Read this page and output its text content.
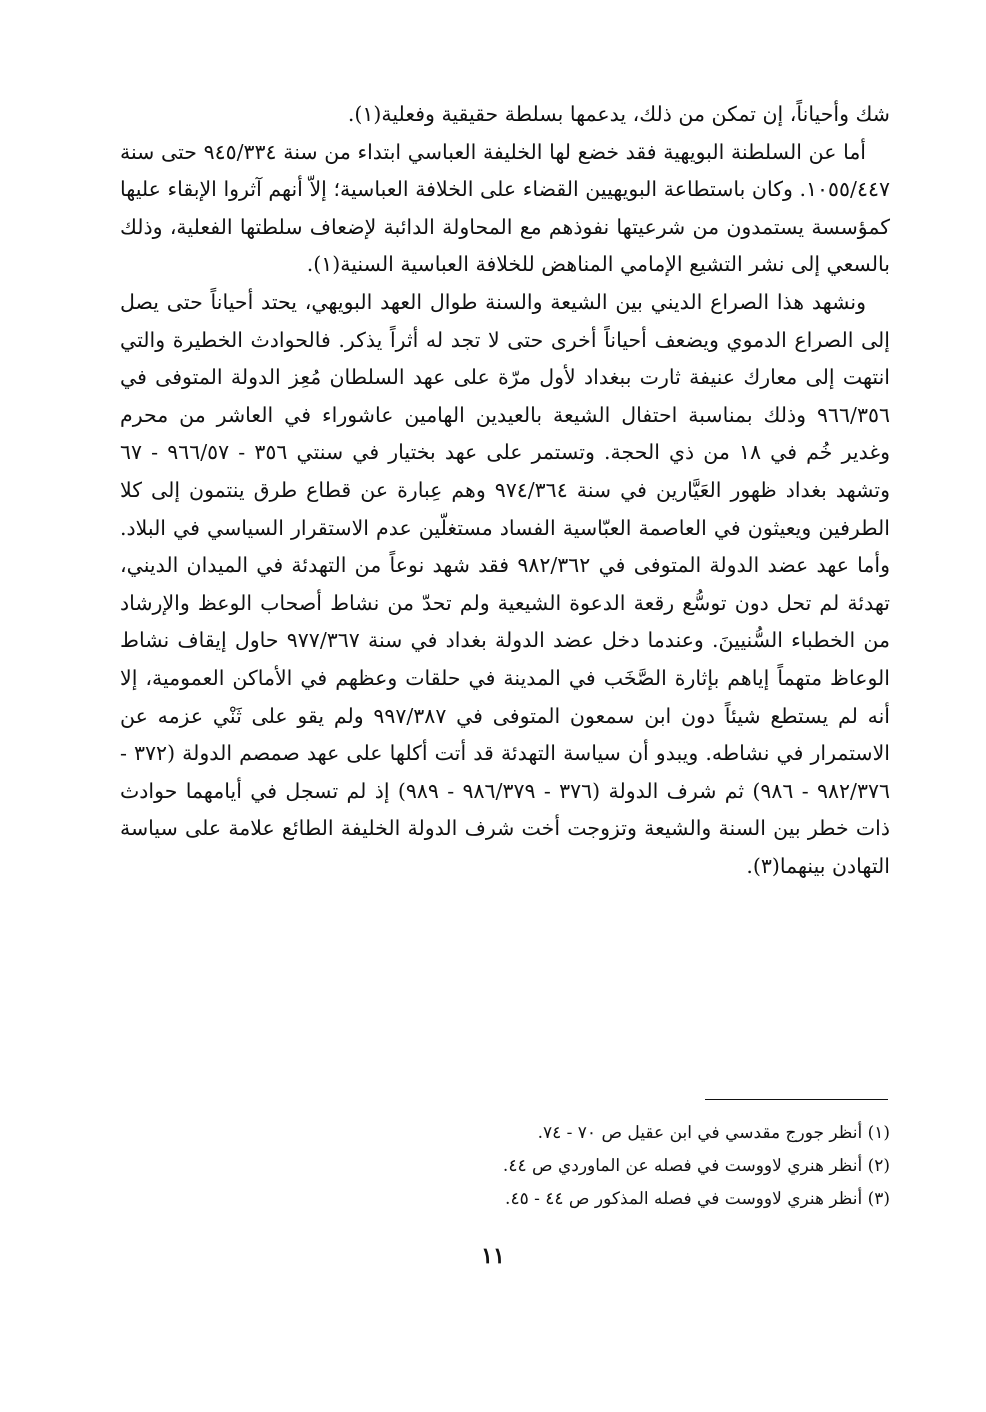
شك وأحياناً، إن تمكن من ذلك، يدعمها بسلطة حقيقية وفعلية(١).

أما عن السلطنة البويهية فقد خضع لها الخليفة العباسي ابتداء من سنة ٩٤٥/٣٣٤ حتى سنة ١٠٥٥/٤٤٧. وكان باستطاعة البويهيين القضاء على الخلافة العباسية؛ إلاّ أنهم آثروا الإبقاء عليها كمؤسسة يستمدون من شرعيتها نفوذهم مع المحاولة الدائبة لإضعاف سلطتها الفعلية، وذلك بالسعي إلى نشر التشيع الإمامي المناهض للخلافة العباسية السنية(١).

ونشهد هذا الصراع الديني بين الشيعة والسنة طوال العهد البويهي، يحتد أحياناً حتى يصل إلى الصراع الدموي ويضعف أحياناً أخرى حتى لا تجد له أثراً يذكر. فالحوادث الخطيرة والتي انتهت إلى معارك عنيفة ثارت ببغداد لأول مرّة على عهد السلطان مُعِز الدولة المتوفى في ٩٦٦/٣٥٦ وذلك بمناسبة احتفال الشيعة بالعيدين الهامين عاشوراء في العاشر من محرم وغدير خُم في ١٨ من ذي الحجة. وتستمر على عهد بختيار في سنتي ٣٥٦ - ٩٦٦/٥٧ - ٦٧ وتشهد بغداد ظهور العَيَّارين في سنة ٩٧٤/٣٦٤ وهم عِبارة عن قطاع طرق ينتمون إلى كلا الطرفين ويعيثون في العاصمة العبّاسية الفساد مستغلّين عدم الاستقرار السياسي في البلاد. وأما عهد عضد الدولة المتوفى في ٩٨٢/٣٦٢ فقد شهد نوعاً من التهدئة في الميدان الديني، تهدئة لم تحل دون توسُّع رقعة الدعوة الشيعية ولم تحدّ من نشاط أصحاب الوعظ والإرشاد من الخطباء السُّنيينَ. وعندما دخل عضد الدولة بغداد في سنة ٩٧٧/٣٦٧ حاول إيقاف نشاط الوعاظ متهماً إياهم بإثارة الصَّخَب في المدينة في حلقات وعظهم في الأماكن العمومية، إلا أنه لم يستطع شيئاً دون ابن سمعون المتوفى في ٩٩٧/٣٨٧ ولم يقو على ثَنْي عزمه عن الاستمرار في نشاطه. ويبدو أن سياسة التهدئة قد أتت أكلها على عهد صمصم الدولة (٣٧٢ - ٩٨٢/٣٧٦ - ٩٨٦) ثم شرف الدولة (٣٧٦ - ٩٨٦/٣٧٩ - ٩٨٩) إذ لم تسجل في أيامهما حوادث ذات خطر بين السنة والشيعة وتزوجت أخت شرف الدولة الخليفة الطائع علامة على سياسة التهادن بينهما(٣).

(١) أنظر جورج مقدسي في ابن عقيل ص ٧٠ - ٧٤.
(٢) أنظر هنري لاووست في فصله عن الماوردي ص ٤٤.
(٣) أنظر هنري لاووست في فصله المذكور ص ٤٤ - ٤٥.
١١
